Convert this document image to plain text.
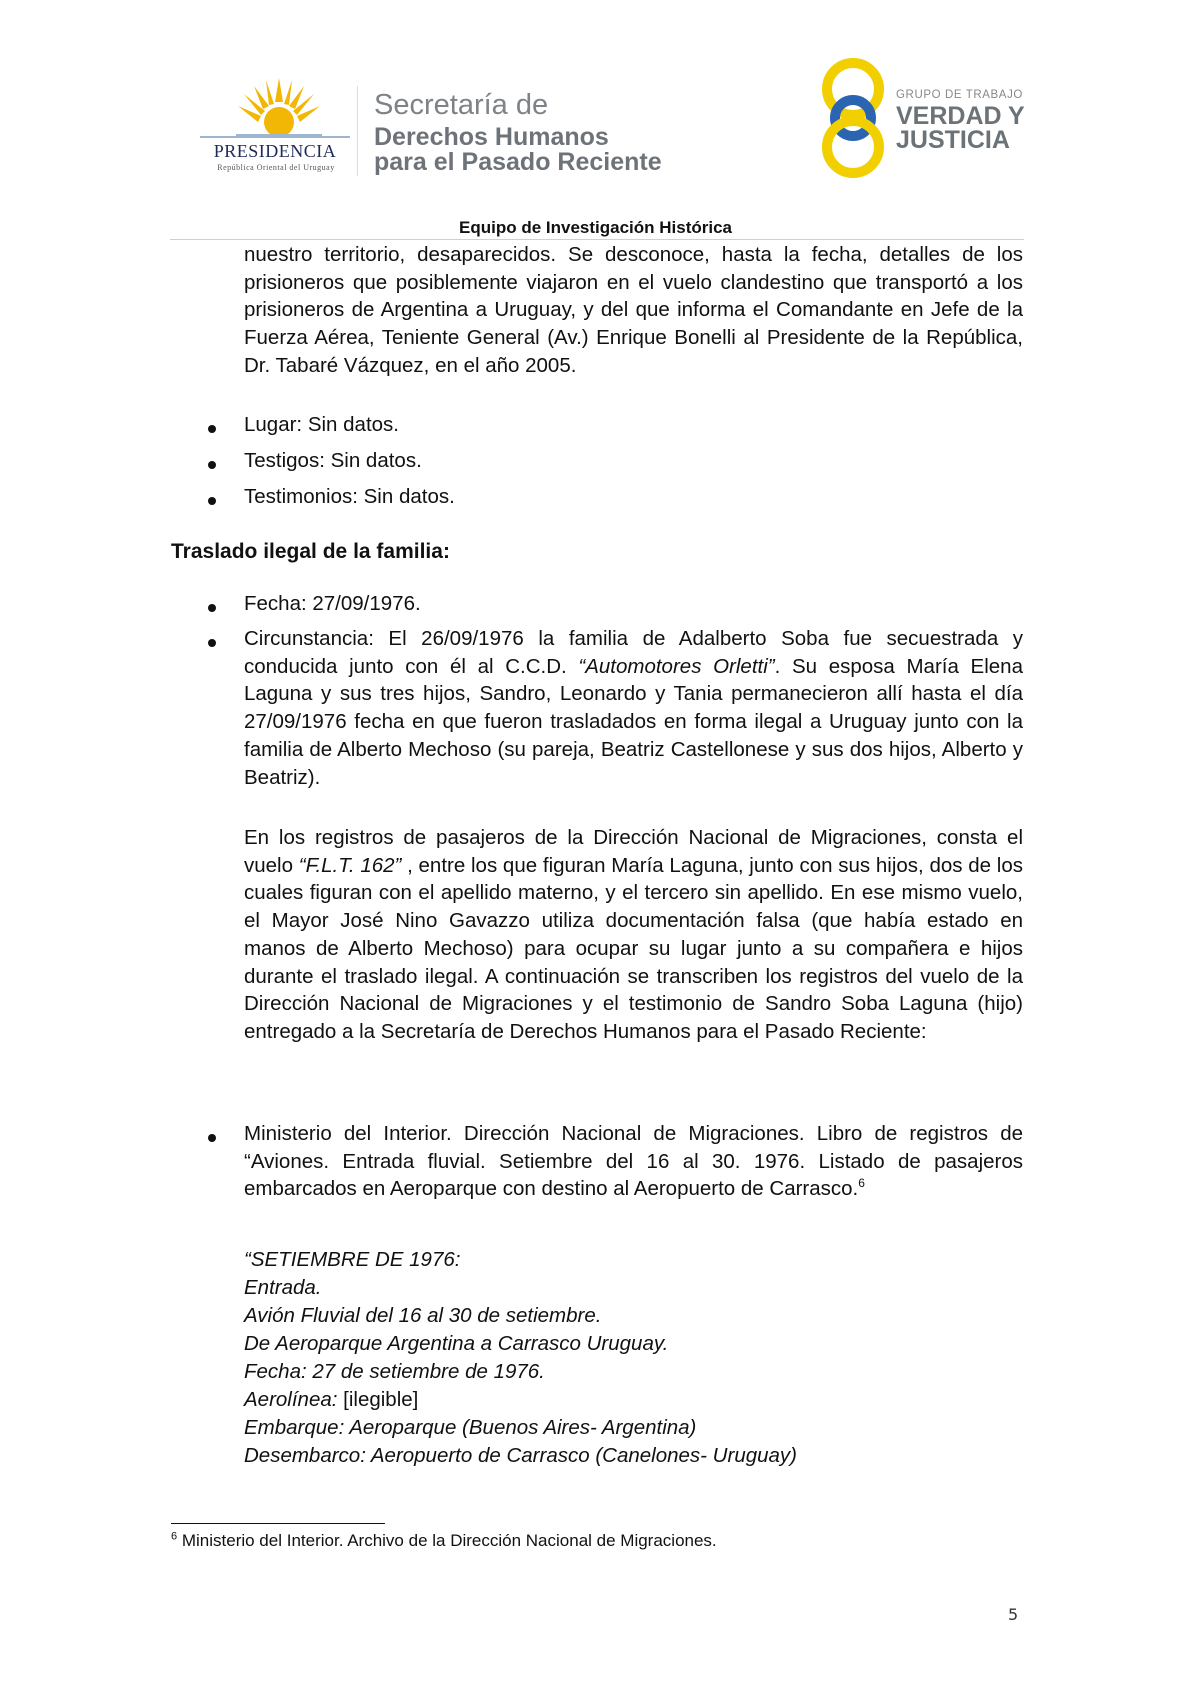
PRESIDENCIA
República Oriental del Uruguay
Secretaría de
Derechos Humanos
para el Pasado Reciente
GRUPO DE TRABAJO
VERDAD Y
JUSTICIA
Equipo de Investigación Histórica

nuestro territorio, desaparecidos. Se desconoce, hasta la fecha, detalles de los prisioneros que posiblemente viajaron en el vuelo clandestino que transportó a los prisioneros de Argentina a Uruguay, y del que informa el Comandante en Jefe de la Fuerza Aérea, Teniente General (Av.) Enrique Bonelli al Presidente de la República, Dr. Tabaré Vázquez, en el año 2005.

Lugar: Sin datos.

Testigos: Sin datos.

Testimonios: Sin datos.

Traslado ilegal de la familia:

Fecha: 27/09/1976.

Circunstancia: El 26/09/1976 la familia de Adalberto Soba fue secuestrada y conducida junto con él al C.C.D. “Automotores Orletti”. Su esposa María Elena Laguna y sus tres hijos, Sandro, Leonardo y Tania permanecieron allí hasta el día 27/09/1976 fecha en que fueron trasladados en forma ilegal a Uruguay junto con la familia de Alberto Mechoso (su pareja, Beatriz Castellonese y sus dos hijos, Alberto y Beatriz).

En los registros de pasajeros de la Dirección Nacional de Migraciones, consta el vuelo “F.L.T. 162” , entre los que figuran María Laguna, junto con sus hijos, dos de los cuales figuran con el apellido materno, y el tercero sin apellido. En ese mismo vuelo, el Mayor José Nino Gavazzo utiliza documentación falsa (que había estado en manos de Alberto Mechoso) para ocupar su lugar junto a su compañera e hijos durante el traslado ilegal. A continuación se transcriben los registros del vuelo de la Dirección Nacional de Migraciones y el testimonio de Sandro Soba Laguna (hijo) entregado a la Secretaría de Derechos Humanos para el Pasado Reciente:

Ministerio del Interior. Dirección Nacional de Migraciones. Libro de registros de “Aviones. Entrada fluvial. Setiembre del 16 al 30. 1976. Listado de pasajeros embarcados en Aeroparque con destino al Aeropuerto de Carrasco.$^6$

“SETIEMBRE DE 1976:
Entrada.
Avión Fluvial del 16 al 30 de setiembre.
De Aeroparque Argentina a Carrasco Uruguay.
Fecha: 27 de setiembre de 1976.
Aerolínea: [ilegible]
Embarque: Aeroparque (Buenos Aires- Argentina)
Desembarco: Aeropuerto de Carrasco (Canelones- Uruguay)
$^6$ Ministerio del Interior. Archivo de la Dirección Nacional de Migraciones.
5
